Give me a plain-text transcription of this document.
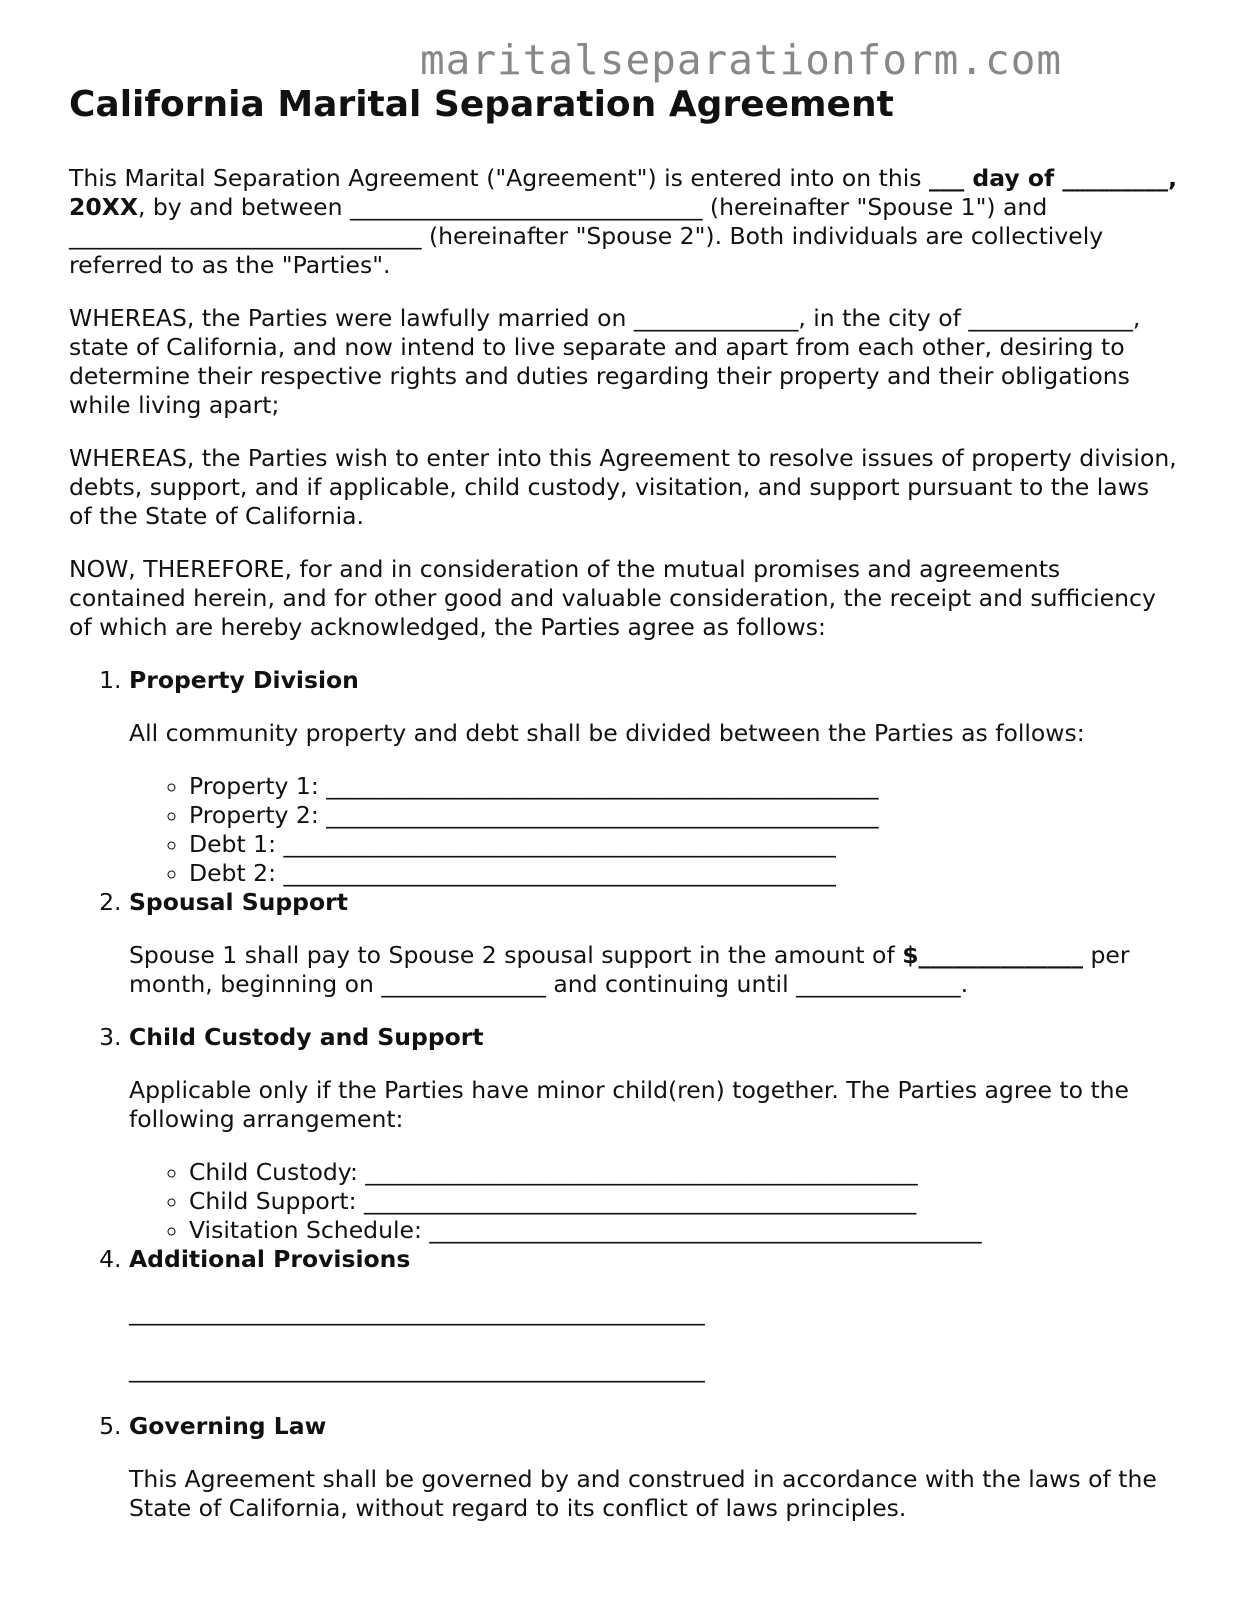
maritalseparationform.com
California Marital Separation Agreement

This Marital Separation Agreement ("Agreement") is entered into on this ___ day of _________, 20XX, by and between ______________________________ (hereinafter "Spouse 1") and ______________________________ (hereinafter "Spouse 2"). Both individuals are collectively referred to as the "Parties".

WHEREAS, the Parties were lawfully married on ______________, in the city of ______________, state of California, and now intend to live separate and apart from each other, desiring to determine their respective rights and duties regarding their property and their obligations while living apart;

WHEREAS, the Parties wish to enter into this Agreement to resolve issues of property division, debts, support, and if applicable, child custody, visitation, and support pursuant to the laws of the State of California.

NOW, THEREFORE, for and in consideration of the mutual promises and agreements contained herein, and for other good and valuable consideration, the receipt and sufficiency of which are hereby acknowledged, the Parties agree as follows:

1. Property Division
All community property and debt shall be divided between the Parties as follows:
◦ Property 1: _______________________________________________
◦ Property 2: _______________________________________________
◦ Debt 1: _______________________________________________
◦ Debt 2: _______________________________________________
2. Spousal Support
Spouse 1 shall pay to Spouse 2 spousal support in the amount of $______________ per month, beginning on ______________ and continuing until ______________.
3. Child Custody and Support
Applicable only if the Parties have minor child(ren) together. The Parties agree to the following arrangement:
◦ Child Custody: _______________________________________________
◦ Child Support: _______________________________________________
◦ Visitation Schedule: _______________________________________________
4. Additional Provisions
_________________________________________________
_________________________________________________
5. Governing Law
This Agreement shall be governed by and construed in accordance with the laws of the State of California, without regard to its conflict of laws principles.
